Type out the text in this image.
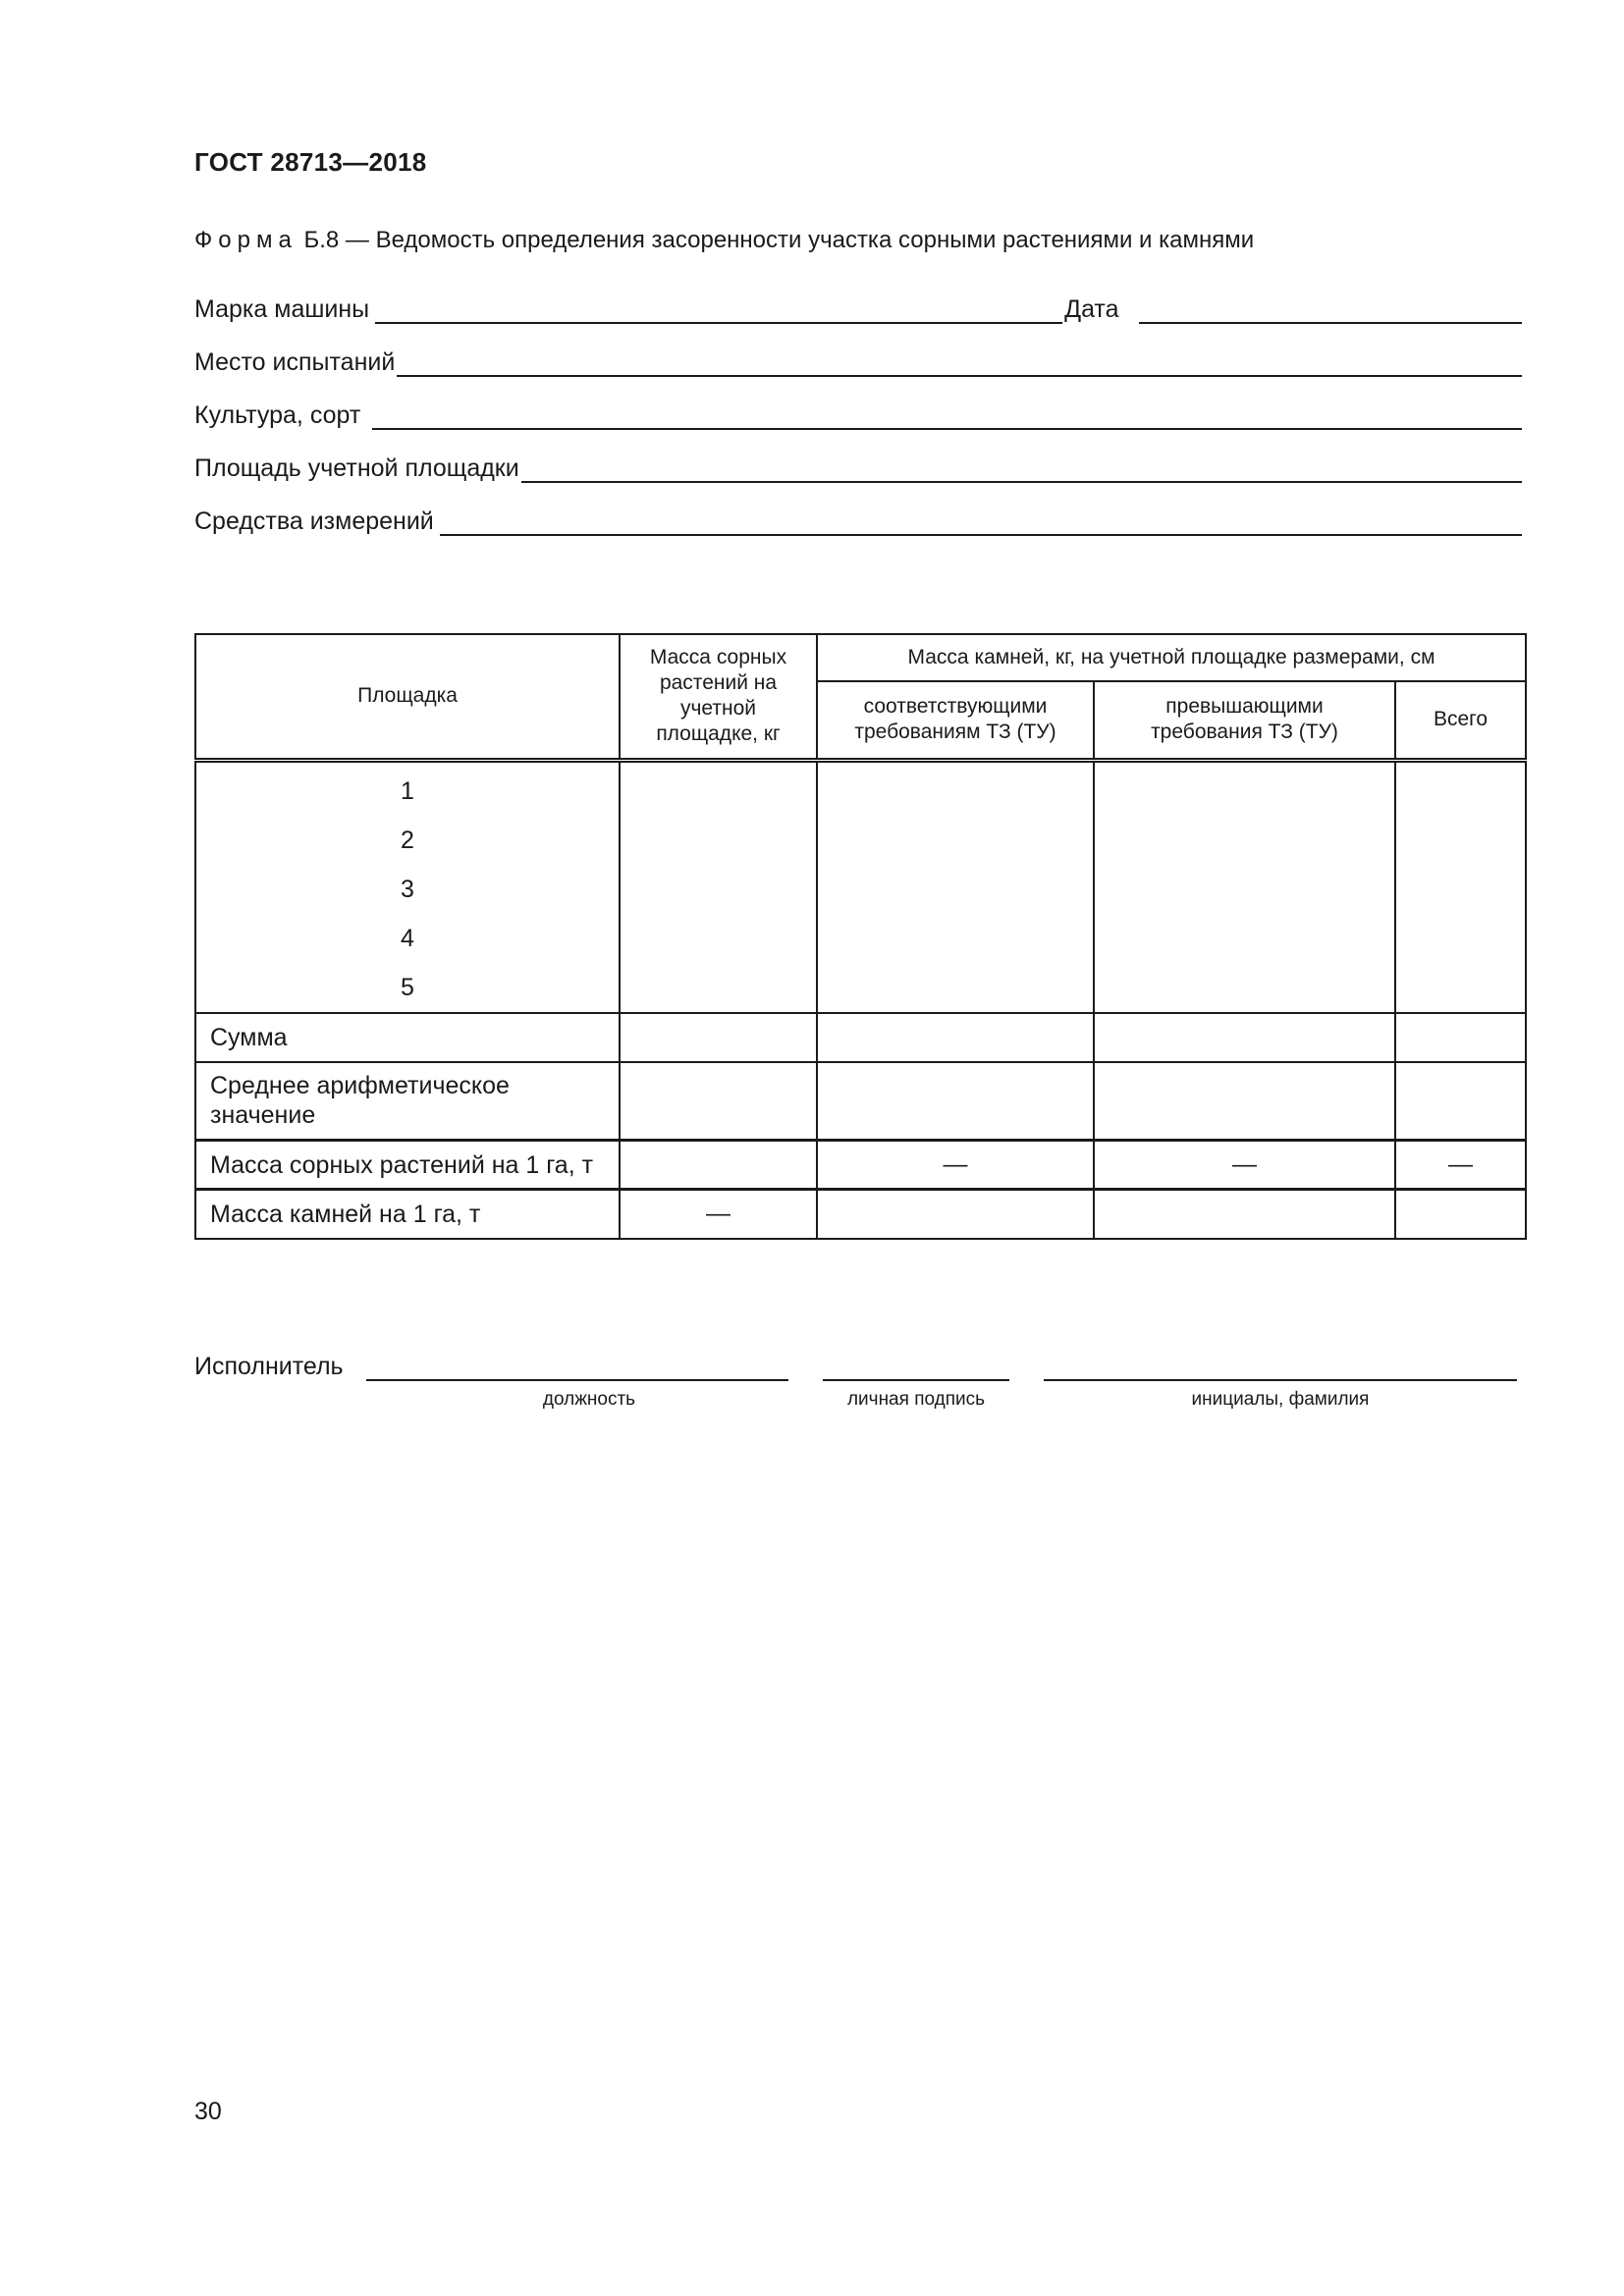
ГОСТ 28713—2018
Форма Б.8 — Ведомость определения засоренности участка сорными растениями и камнями
Марка машины	Дата
Место испытаний
Культура, сорт
Площадь учетной площадки
Средства измерений
Площадка	Масса сорных растений на учетной площадке, кг	Масса камней, кг, на учетной площадке размерами, см		
		соответствующими требованиям ТЗ (ТУ)	превышающими требования ТЗ (ТУ)	Всего

1
2
3
4
5				

Сумма				
Среднее арифметическое значение				
Масса сорных растений на 1 га, т		—	—	—
Масса камней на 1 га, т	—			
Исполнитель
должность	личная подпись	инициалы, фамилия
30
